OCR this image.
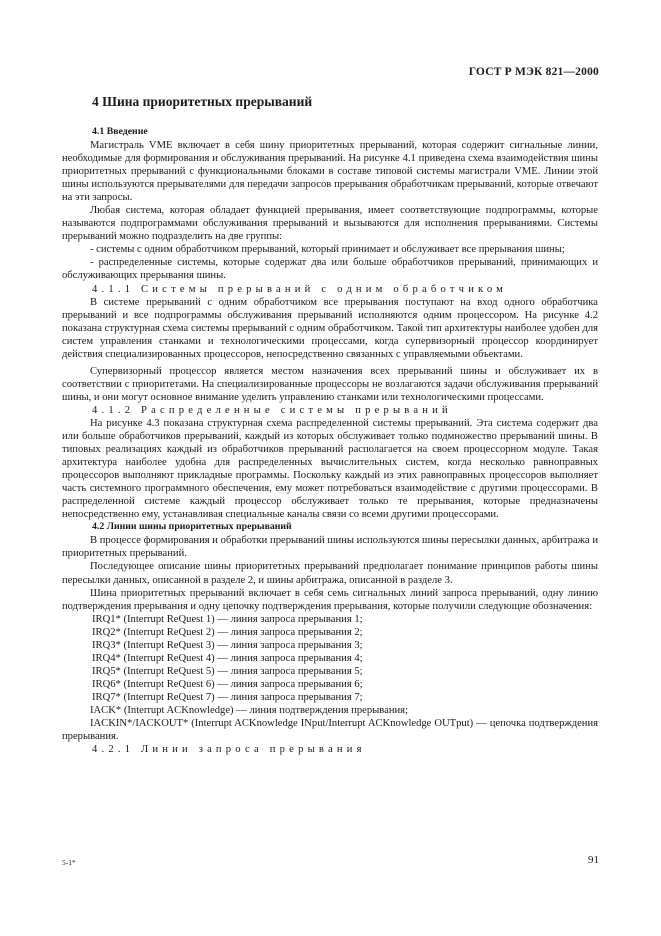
ГОСТ Р МЭК 821—2000
4 Шина приоритетных прерываний
4.1 Введение

Магистраль VME включает в себя шину приоритетных прерываний, которая содержит сигнальные линии, необходимые для формирования и обслуживания прерываний. На рисунке 4.1 приведена схема взаимодействия шины приоритетных прерываний с функциональными блоками в составе типовой системы магистрали VME. Линии этой шины используются прерывателями для передачи запросов прерывания обработчикам прерываний, которые отвечают на эти запросы.

Любая система, которая обладает функцией прерывания, имеет соответствующие подпрограммы, которые называются подпрограммами обслуживания прерываний и вызываются для исполнения прерываниями. Системы прерываний можно подразделить на две группы:

- системы с одним обработчиком прерываний, который принимает и обслуживает все прерывания шины;

- распределенные системы, которые содержат два или больше обработчиков прерываний, принимающих и обслуживающих прерывания шины.

4.1.1 Системы прерываний с одним обработчиком

В системе прерываний с одним обработчиком все прерывания поступают на вход одного обработчика прерываний и все подпрограммы обслуживания прерываний исполняются одним процессором. На рисунке 4.2 показана структурная схема системы прерываний с одним обработчиком. Такой тип архитектуры наиболее удобен для систем управления станками и технологическими процессами, когда супервизорный процессор координирует действия специализированных процессоров, непосредственно связанных с управляемыми объектами.

Супервизорный процессор является местом назначения всех прерываний шины и обслуживает их в соответствии с приоритетами. На специализированные процессоры не возлагаются задачи обслуживания прерываний шины, и они могут основное внимание уделить управлению станками или технологическими процессами.

4.1.2 Распределенные системы прерываний

На рисунке 4.3 показана структурная схема распределенной системы прерываний. Эта система содержит два или больше обработчиков прерываний, каждый из которых обслуживает только подмножество прерываний шины. В типовых реализациях каждый из обработчиков прерываний располагается на своем процессорном модуле. Такая архитектура наиболее удобна для распределенных вычислительных систем, когда несколько равноправных процессоров выполняют прикладные программы. Поскольку каждый из этих равноправных процессоров выполняет часть системного программного обеспечения, ему может потребоваться взаимодействие с другими процессорами. В распределенной системе каждый процессор обслуживает только те прерывания, которые предназначены непосредственно ему, устанавливая специальные каналы связи со всеми другими процессорами.

4.2 Линии шины приоритетных прерываний

В процессе формирования и обработки прерываний шины используются шины пересылки данных, арбитража и приоритетных прерываний.

Последующее описание шины приоритетных прерываний предполагает понимание принципов работы шины пересылки данных, описанной в разделе 2, и шины арбитража, описанной в разделе 3.

Шина приоритетных прерываний включает в себя семь сигнальных линий запроса прерываний, одну линию подтверждения прерывания и одну цепочку подтверждения прерывания, которые получили следующие обозначения:

IRQ1* (Interrupt ReQuest 1) — линия запроса прерывания 1;
IRQ2* (Interrupt ReQuest 2) — линия запроса прерывания 2;
IRQ3* (Interrupt ReQuest 3) — линия запроса прерывания 3;
IRQ4* (Interrupt ReQuest 4) — линия запроса прерывания 4;
IRQ5* (Interrupt ReQuest 5) — линия запроса прерывания 5;
IRQ6* (Interrupt ReQuest 6) — линия запроса прерывания 6;
IRQ7* (Interrupt ReQuest 7) — линия запроса прерывания 7;

IACK* (Interrupt ACKnowledge) — линия подтверждения прерывания;

IACKIN*/IACKOUT* (Interrupt ACKnowledge INput/Interrupt ACKnowledge OUTput) — цепочка подтверждения прерывания.

4.2.1 Линии запроса прерывания
5-1*	91
